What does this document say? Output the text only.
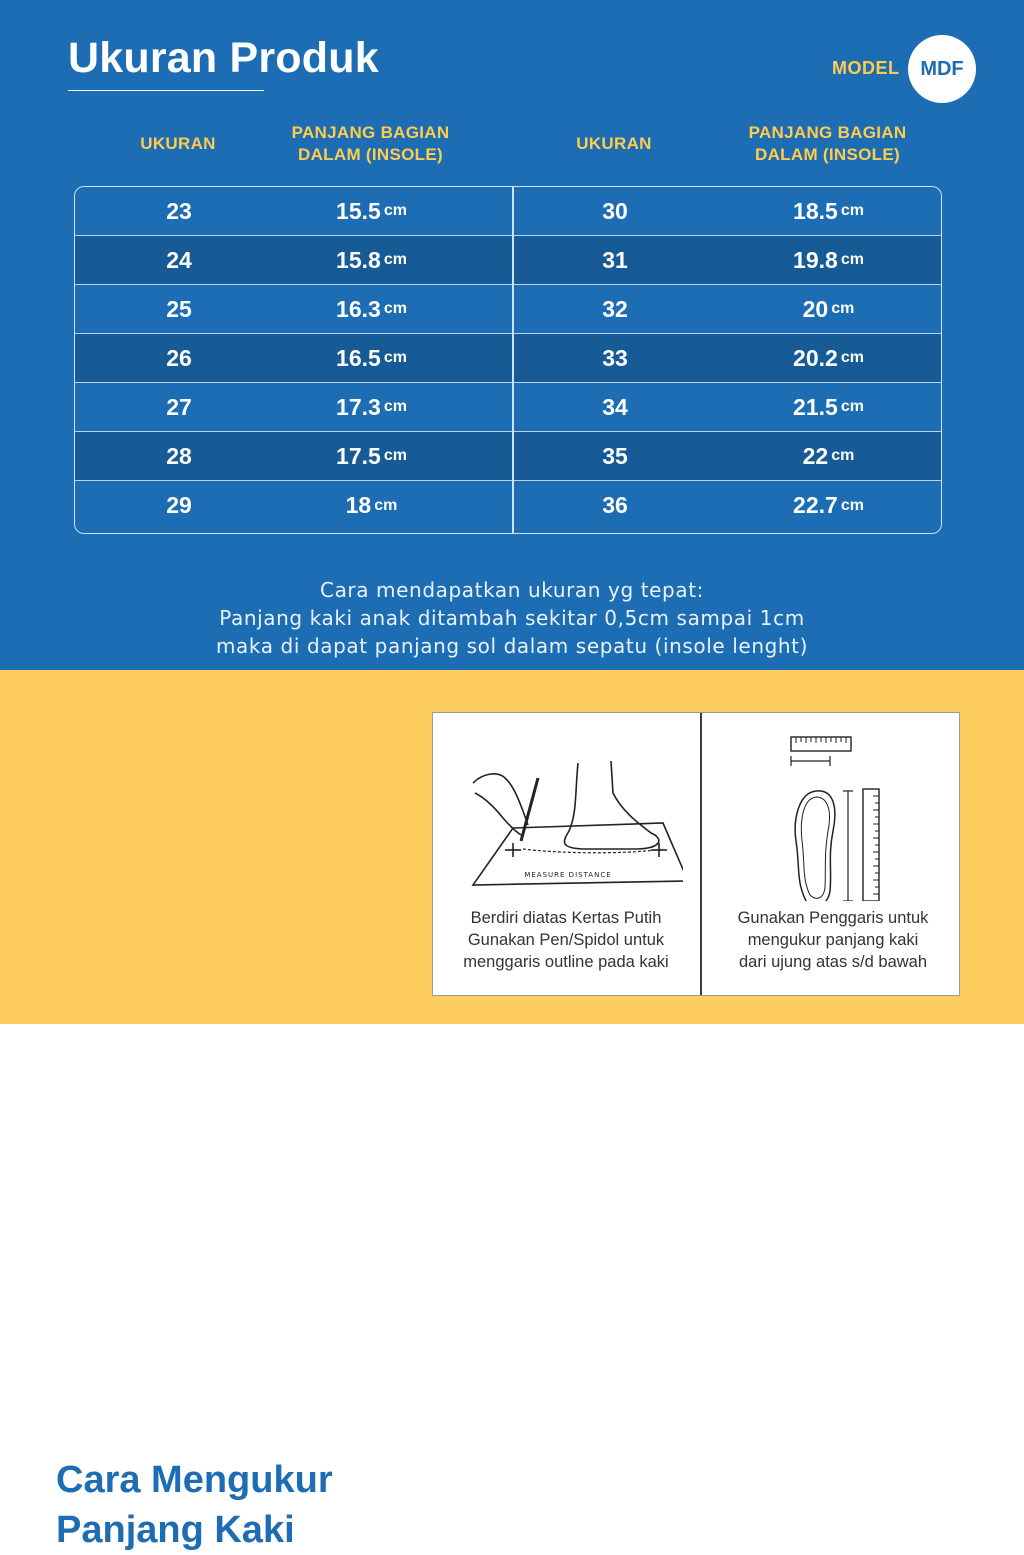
Ukuran Produk	MODEL MDF
UKURAN
PANJANG BAGIAN
DALAM (INSOLE)
UKURAN
PANJANG BAGIAN
DALAM (INSOLE)
23	15.5 cm	30	18.5 cm
24	15.8 cm	31	19.8 cm
25	16.3 cm	32	20 cm
26	16.5 cm	33	20.2 cm
27	17.3 cm	34	21.5 cm
28	17.5 cm	35	22 cm
29	18 cm	36	22.7 cm
Cara mendapatkan ukuran yg tepat:
Panjang kaki anak ditambah sekitar 0,5cm sampai 1cm
maka di dapat panjang sol dalam sepatu (insole lenght)
Cara Mengukur
Panjang Kaki
MEASURE DISTANCE
Berdiri diatas Kertas Putih
Gunakan Pen/Spidol untuk
menggaris outline pada kaki
Gunakan Penggaris untuk
mengukur panjang kaki
dari ujung atas s/d bawah
